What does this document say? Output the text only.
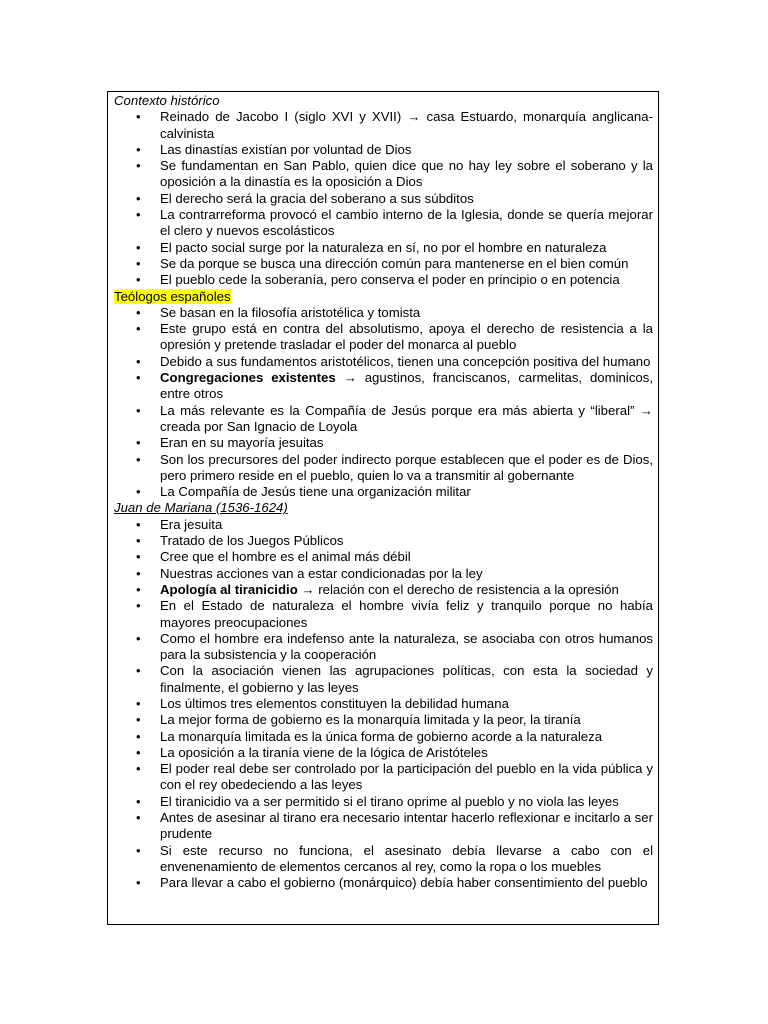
Contexto histórico
• Reinado de Jacobo I (siglo XVI y XVII) → casa Estuardo, monarquía anglicana-calvinista
• Las dinastías existían por voluntad de Dios
• Se fundamentan en San Pablo, quien dice que no hay ley sobre el soberano y la oposición a la dinastía es la oposición a Dios
• El derecho será la gracia del soberano a sus súbditos
• La contrarreforma provocó el cambio interno de la Iglesia, donde se quería mejorar el clero y nuevos escolásticos
• El pacto social surge por la naturaleza en sí, no por el hombre en naturaleza
• Se da porque se busca una dirección común para mantenerse en el bien común
• El pueblo cede la soberanía, pero conserva el poder en principio o en potencia
Teólogos españoles
• Se basan en la filosofía aristotélica y tomista
• Este grupo está en contra del absolutismo, apoya el derecho de resistencia a la opresión y pretende trasladar el poder del monarca al pueblo
• Debido a sus fundamentos aristotélicos, tienen una concepción positiva del humano
• Congregaciones existentes → agustinos, franciscanos, carmelitas, dominicos, entre otros
• La más relevante es la Compañía de Jesús porque era más abierta y “liberal” → creada por San Ignacio de Loyola
• Eran en su mayoría jesuitas
• Son los precursores del poder indirecto porque establecen que el poder es de Dios, pero primero reside en el pueblo, quien lo va a transmitir al gobernante
• La Compañía de Jesús tiene una organización militar
Juan de Mariana (1536-1624)
• Era jesuita
• Tratado de los Juegos Públicos
• Cree que el hombre es el animal más débil
• Nuestras acciones van a estar condicionadas por la ley
• Apología al tiranicidio → relación con el derecho de resistencia a la opresión
• En el Estado de naturaleza el hombre vivía feliz y tranquilo porque no había mayores preocupaciones
• Como el hombre era indefenso ante la naturaleza, se asociaba con otros humanos para la subsistencia y la cooperación
• Con la asociación vienen las agrupaciones políticas, con esta la sociedad y finalmente, el gobierno y las leyes
• Los últimos tres elementos constituyen la debilidad humana
• La mejor forma de gobierno es la monarquía limitada y la peor, la tiranía
• La monarquía limitada es la única forma de gobierno acorde a la naturaleza
• La oposición a la tiranía viene de la lógica de Aristóteles
• El poder real debe ser controlado por la participación del pueblo en la vida pública y con el rey obedeciendo a las leyes
• El tiranicidio va a ser permitido si el tirano oprime al pueblo y no viola las leyes
• Antes de asesinar al tirano era necesario intentar hacerlo reflexionar e incitarlo a ser prudente
• Si este recurso no funciona, el asesinato debía llevarse a cabo con el envenenamiento de elementos cercanos al rey, como la ropa o los muebles
• Para llevar a cabo el gobierno (monárquico) debía haber consentimiento del pueblo
